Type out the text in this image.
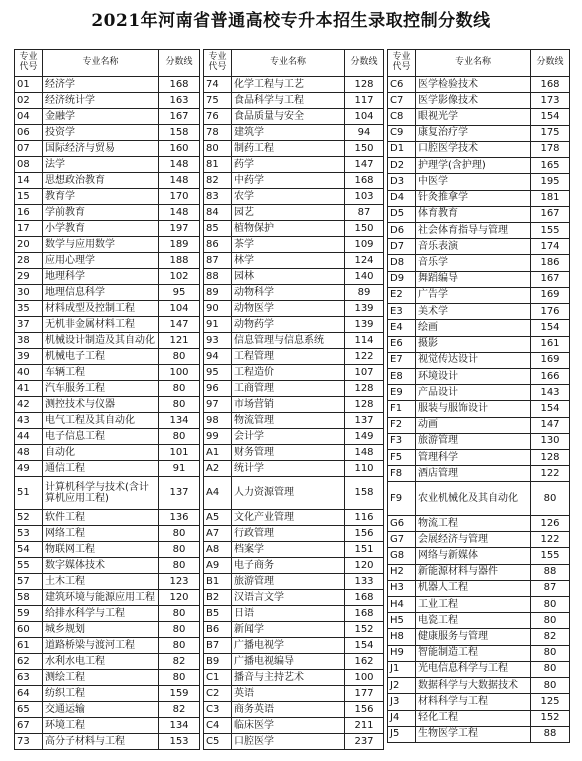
2021年河南省普通高校专升本招生录取控制分数线
专业代号	专业名称	分数线
01	经济学	168
02	经济统计学	163
04	金融学	167
06	投资学	158
07	国际经济与贸易	160
08	法学	148
14	思想政治教育	148
15	教育学	170
16	学前教育	148
17	小学教育	197
20	数学与应用数学	189
28	应用心理学	188
29	地理科学	102
30	地理信息科学	95
35	材料成型及控制工程	104
37	无机非金属材料工程	147
38	机械设计制造及其自动化	121
39	机械电子工程	80
40	车辆工程	100
41	汽车服务工程	80
42	测控技术与仪器	80
43	电气工程及其自动化	134
44	电子信息工程	80
48	自动化	101
49	通信工程	91
51	计算机科学与技术(含计算机应用工程)	137
52	软件工程	136
53	网络工程	80
54	物联网工程	80
55	数字媒体技术	80
57	土木工程	123
58	建筑环境与能源应用工程	120
59	给排水科学与工程	80
60	城乡规划	80
61	道路桥梁与渡河工程	80
62	水利水电工程	82
63	测绘工程	80
64	纺织工程	159
65	交通运输	82
67	环境工程	134
73	高分子材料与工程	153
专业代号	专业名称	分数线
74	化学工程与工艺	128
75	食品科学与工程	117
76	食品质量与安全	104
78	建筑学	94
80	制药工程	150
81	药学	147
82	中药学	168
83	农学	103
84	园艺	87
85	植物保护	150
86	茶学	109
87	林学	124
88	园林	140
89	动物科学	89
90	动物医学	139
91	动物药学	139
93	信息管理与信息系统	114
94	工程管理	122
95	工程造价	107
96	工商管理	128
97	市场营销	128
98	物流管理	137
99	会计学	149
A1	财务管理	148
A2	统计学	110
A4	人力资源管理	158
A5	文化产业管理	116
A7	行政管理	156
A8	档案学	151
A9	电子商务	120
B1	旅游管理	133
B2	汉语言文学	168
B5	日语	168
B6	新闻学	152
B7	广播电视学	154
B9	广播电视编导	162
C1	播音与主持艺术	100
C2	英语	177
C3	商务英语	156
C4	临床医学	211
C5	口腔医学	237
专业代号	专业名称	分数线
C6	医学检验技术	168
C7	医学影像技术	173
C8	眼视光学	154
C9	康复治疗学	175
D1	口腔医学技术	178
D2	护理学(含护理)	165
D3	中医学	195
D4	针灸推拿学	181
D5	体育教育	167
D6	社会体育指导与管理	155
D7	音乐表演	174
D8	音乐学	186
D9	舞蹈编导	167
E2	广告学	169
E3	美术学	176
E4	绘画	154
E6	摄影	161
E7	视觉传达设计	169
E8	环境设计	166
E9	产品设计	143
F1	服装与服饰设计	154
F2	动画	147
F3	旅游管理	130
F5	管理科学	128
F8	酒店管理	122
F9	农业机械化及其自动化	80
G6	物流工程	126
G7	会展经济与管理	122
G8	网络与新媒体	155
H2	新能源材料与器件	88
H3	机器人工程	87
H4	工业工程	80
H5	电瓷工程	80
H8	健康服务与管理	82
H9	智能制造工程	80
J1	光电信息科学与工程	80
J2	数据科学与大数据技术	80
J3	材料科学与工程	125
J4	轻化工程	152
J5	生物医学工程	88
